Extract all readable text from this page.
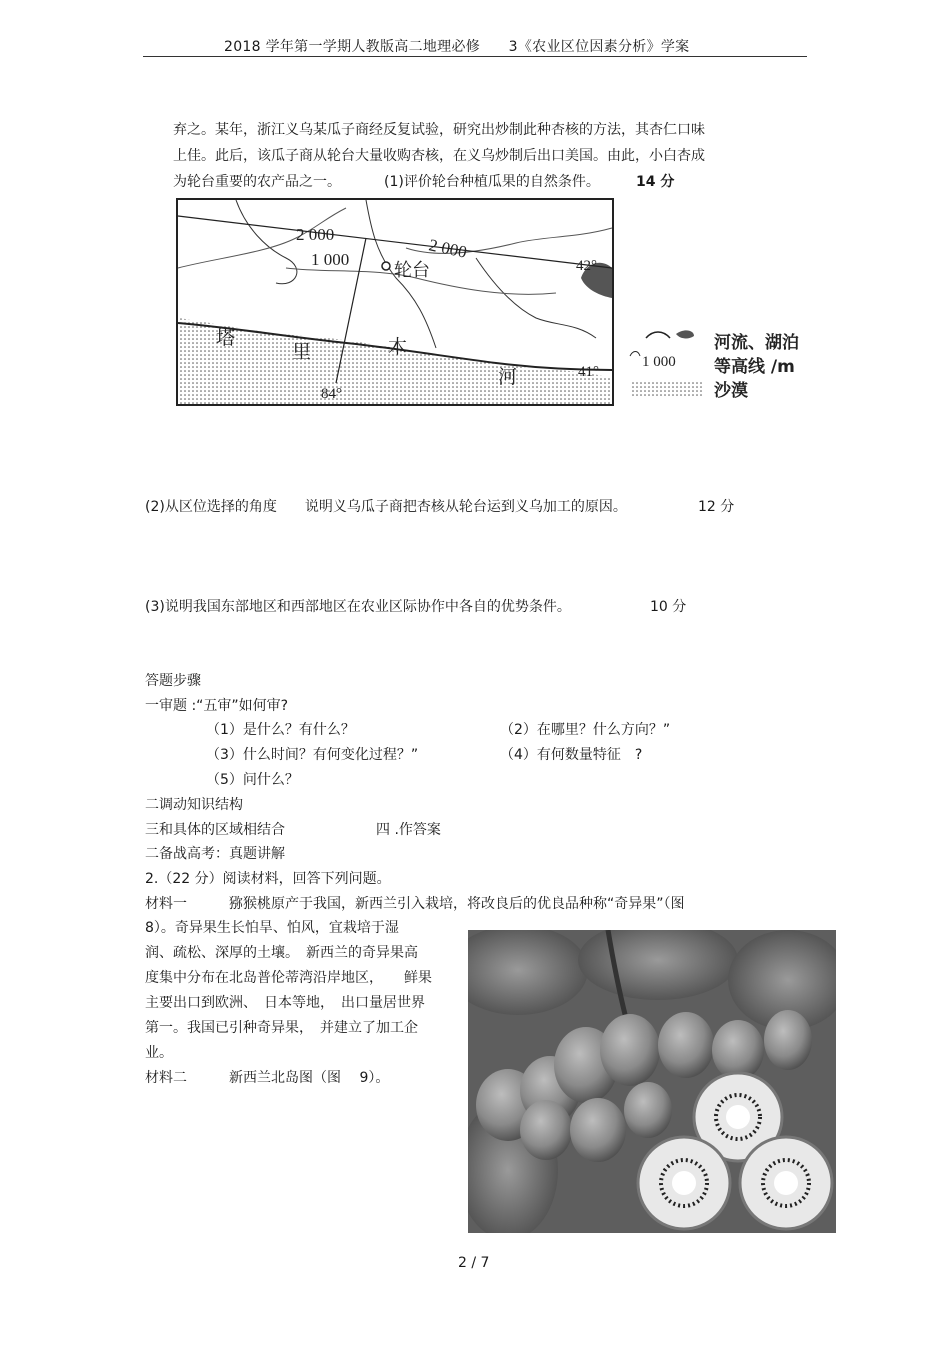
2018 学年第一学期人教版高二地理必修　　3《农业区位因素分析》学案
弃之。某年，浙江义乌某瓜子商经反复试验，研究出炒制此种杏核的方法，其杏仁口味
上佳。此后，该瓜子商从轮台大量收购杏核，在义乌炒制后出口美国。由此，小白杏成
为轮台重要的农产品之一。	(1)评价轮台种植瓜果的自然条件。	14 分
2 000
2 000
1 000
轮台	42°
41°
84°
塔
里	木
河
河流、湖泊
1 000 等高线 /m
沙漠
(2)从区位选择的角度　　说明义乌瓜子商把杏核从轮台运到义乌加工的原因。	12 分
(3)说明我国东部地区和西部地区在农业区际协作中各自的优势条件。	10 分
答题步骤
一审题 :“五审”如何审?
（1）是什么？有什么？	（2）在哪里？什么方向？”
（3）什么时间？有何变化过程？”	（4）有何数量特征　?
（5）问什么？
二调动知识结构
三和具体的区域相结合	四 .作答案
二备战高考：真题讲解
2.（22 分）阅读材料，回答下列问题。
材料一　　　猕猴桃原产于我国，新西兰引入栽培，将改良后的优良品种称“奇异果”（图
8）。奇异果生长怕旱、怕风，宜栽培于湿
润、疏松、深厚的土壤。　新西兰的奇异果高
度集中分布在北岛普伦蒂湾沿岸地区，　　鲜果
主要出口到欧洲、　日本等地，　出口量居世界
第一。我国已引种奇异果，　并建立了加工企
业。
材料二　　　新西兰北岛图（图　 9）。
2 / 7
